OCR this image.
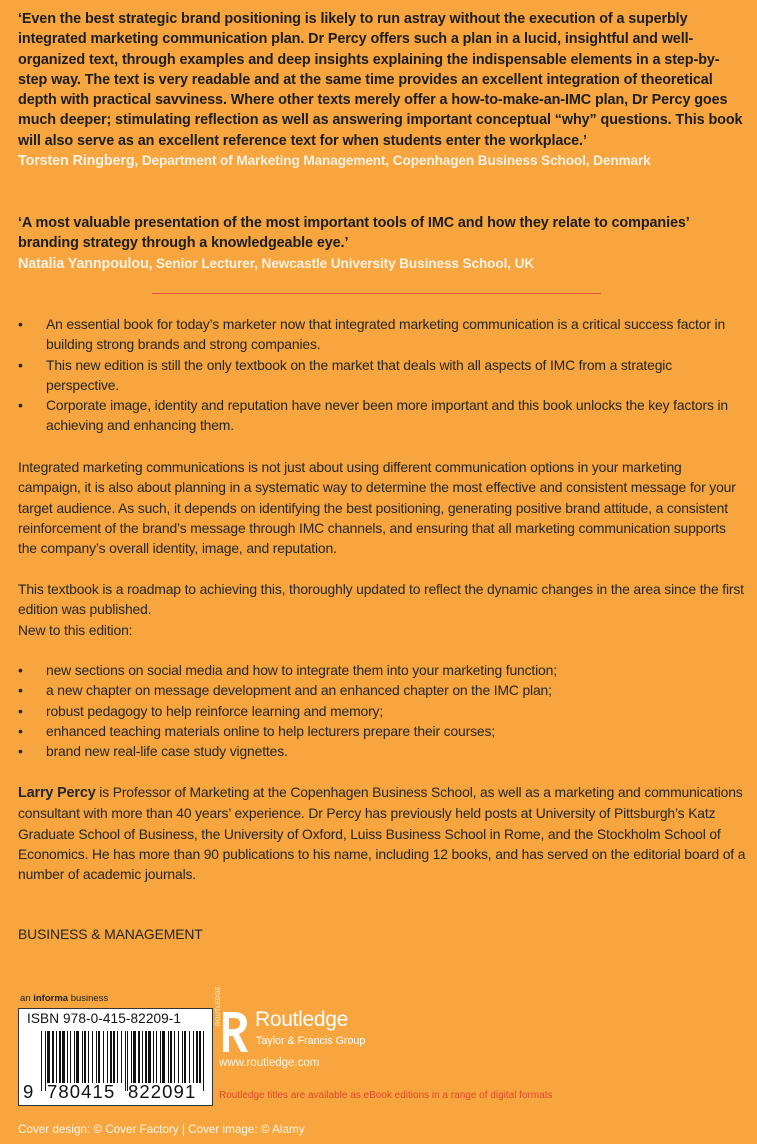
‘Even the best strategic brand positioning is likely to run astray without the execution of a superbly integrated marketing communication plan. Dr Percy offers such a plan in a lucid, insightful and well-organized text, through examples and deep insights explaining the indispensable elements in a step-by-step way. The text is very readable and at the same time provides an excellent integration of theoretical depth with practical savviness. Where other texts merely offer a how-to-make-an-IMC plan, Dr Percy goes much deeper; stimulating reflection as well as answering important conceptual “why” questions. This book will also serve as an excellent reference text for when students enter the workplace.’
Torsten Ringberg, Department of Marketing Management, Copenhagen Business School, Denmark
‘A most valuable presentation of the most important tools of IMC and how they relate to companies’ branding strategy through a knowledgeable eye.’
Natalia Yannpoulou, Senior Lecturer, Newcastle University Business School, UK
• An essential book for today’s marketer now that integrated marketing communication is a critical success factor in building strong brands and strong companies.
• This new edition is still the only textbook on the market that deals with all aspects of IMC from a strategic perspective.
• Corporate image, identity and reputation have never been more important and this book unlocks the key factors in achieving and enhancing them.

Integrated marketing communications is not just about using different communication options in your marketing campaign, it is also about planning in a systematic way to determine the most effective and consistent message for your target audience. As such, it depends on identifying the best positioning, generating positive brand attitude, a consistent reinforcement of the brand’s message through IMC channels, and ensuring that all marketing communication supports the company’s overall identity, image, and reputation.

This textbook is a roadmap to achieving this, thoroughly updated to reflect the dynamic changes in the area since the first edition was published.
New to this edition:

• new sections on social media and how to integrate them into your marketing function;
• a new chapter on message development and an enhanced chapter on the IMC plan;
• robust pedagogy to help reinforce learning and memory;
• enhanced teaching materials online to help lecturers prepare their courses;
• brand new real-life case study vignettes.

Larry Percy is Professor of Marketing at the Copenhagen Business School, as well as a marketing and communications consultant with more than 40 years’ experience. Dr Percy has previously held posts at University of Pittsburgh’s Katz Graduate School of Business, the University of Oxford, Luiss Business School in Rome, and the Stockholm School of Economics. He has more than 90 publications to his name, including 12 books, and has served on the editorial board of a number of academic journals.

BUSINESS & MANAGEMENT
an informa business
ISBN 978-0-415-82209-1
9 780415 822091
ROUTLEDGE Routledge
Taylor & Francis Group
www.routledge.com
Routledge titles are available as eBook editions in a range of digital formats
Cover design: © Cover Factory | Cover image: © Alamy
